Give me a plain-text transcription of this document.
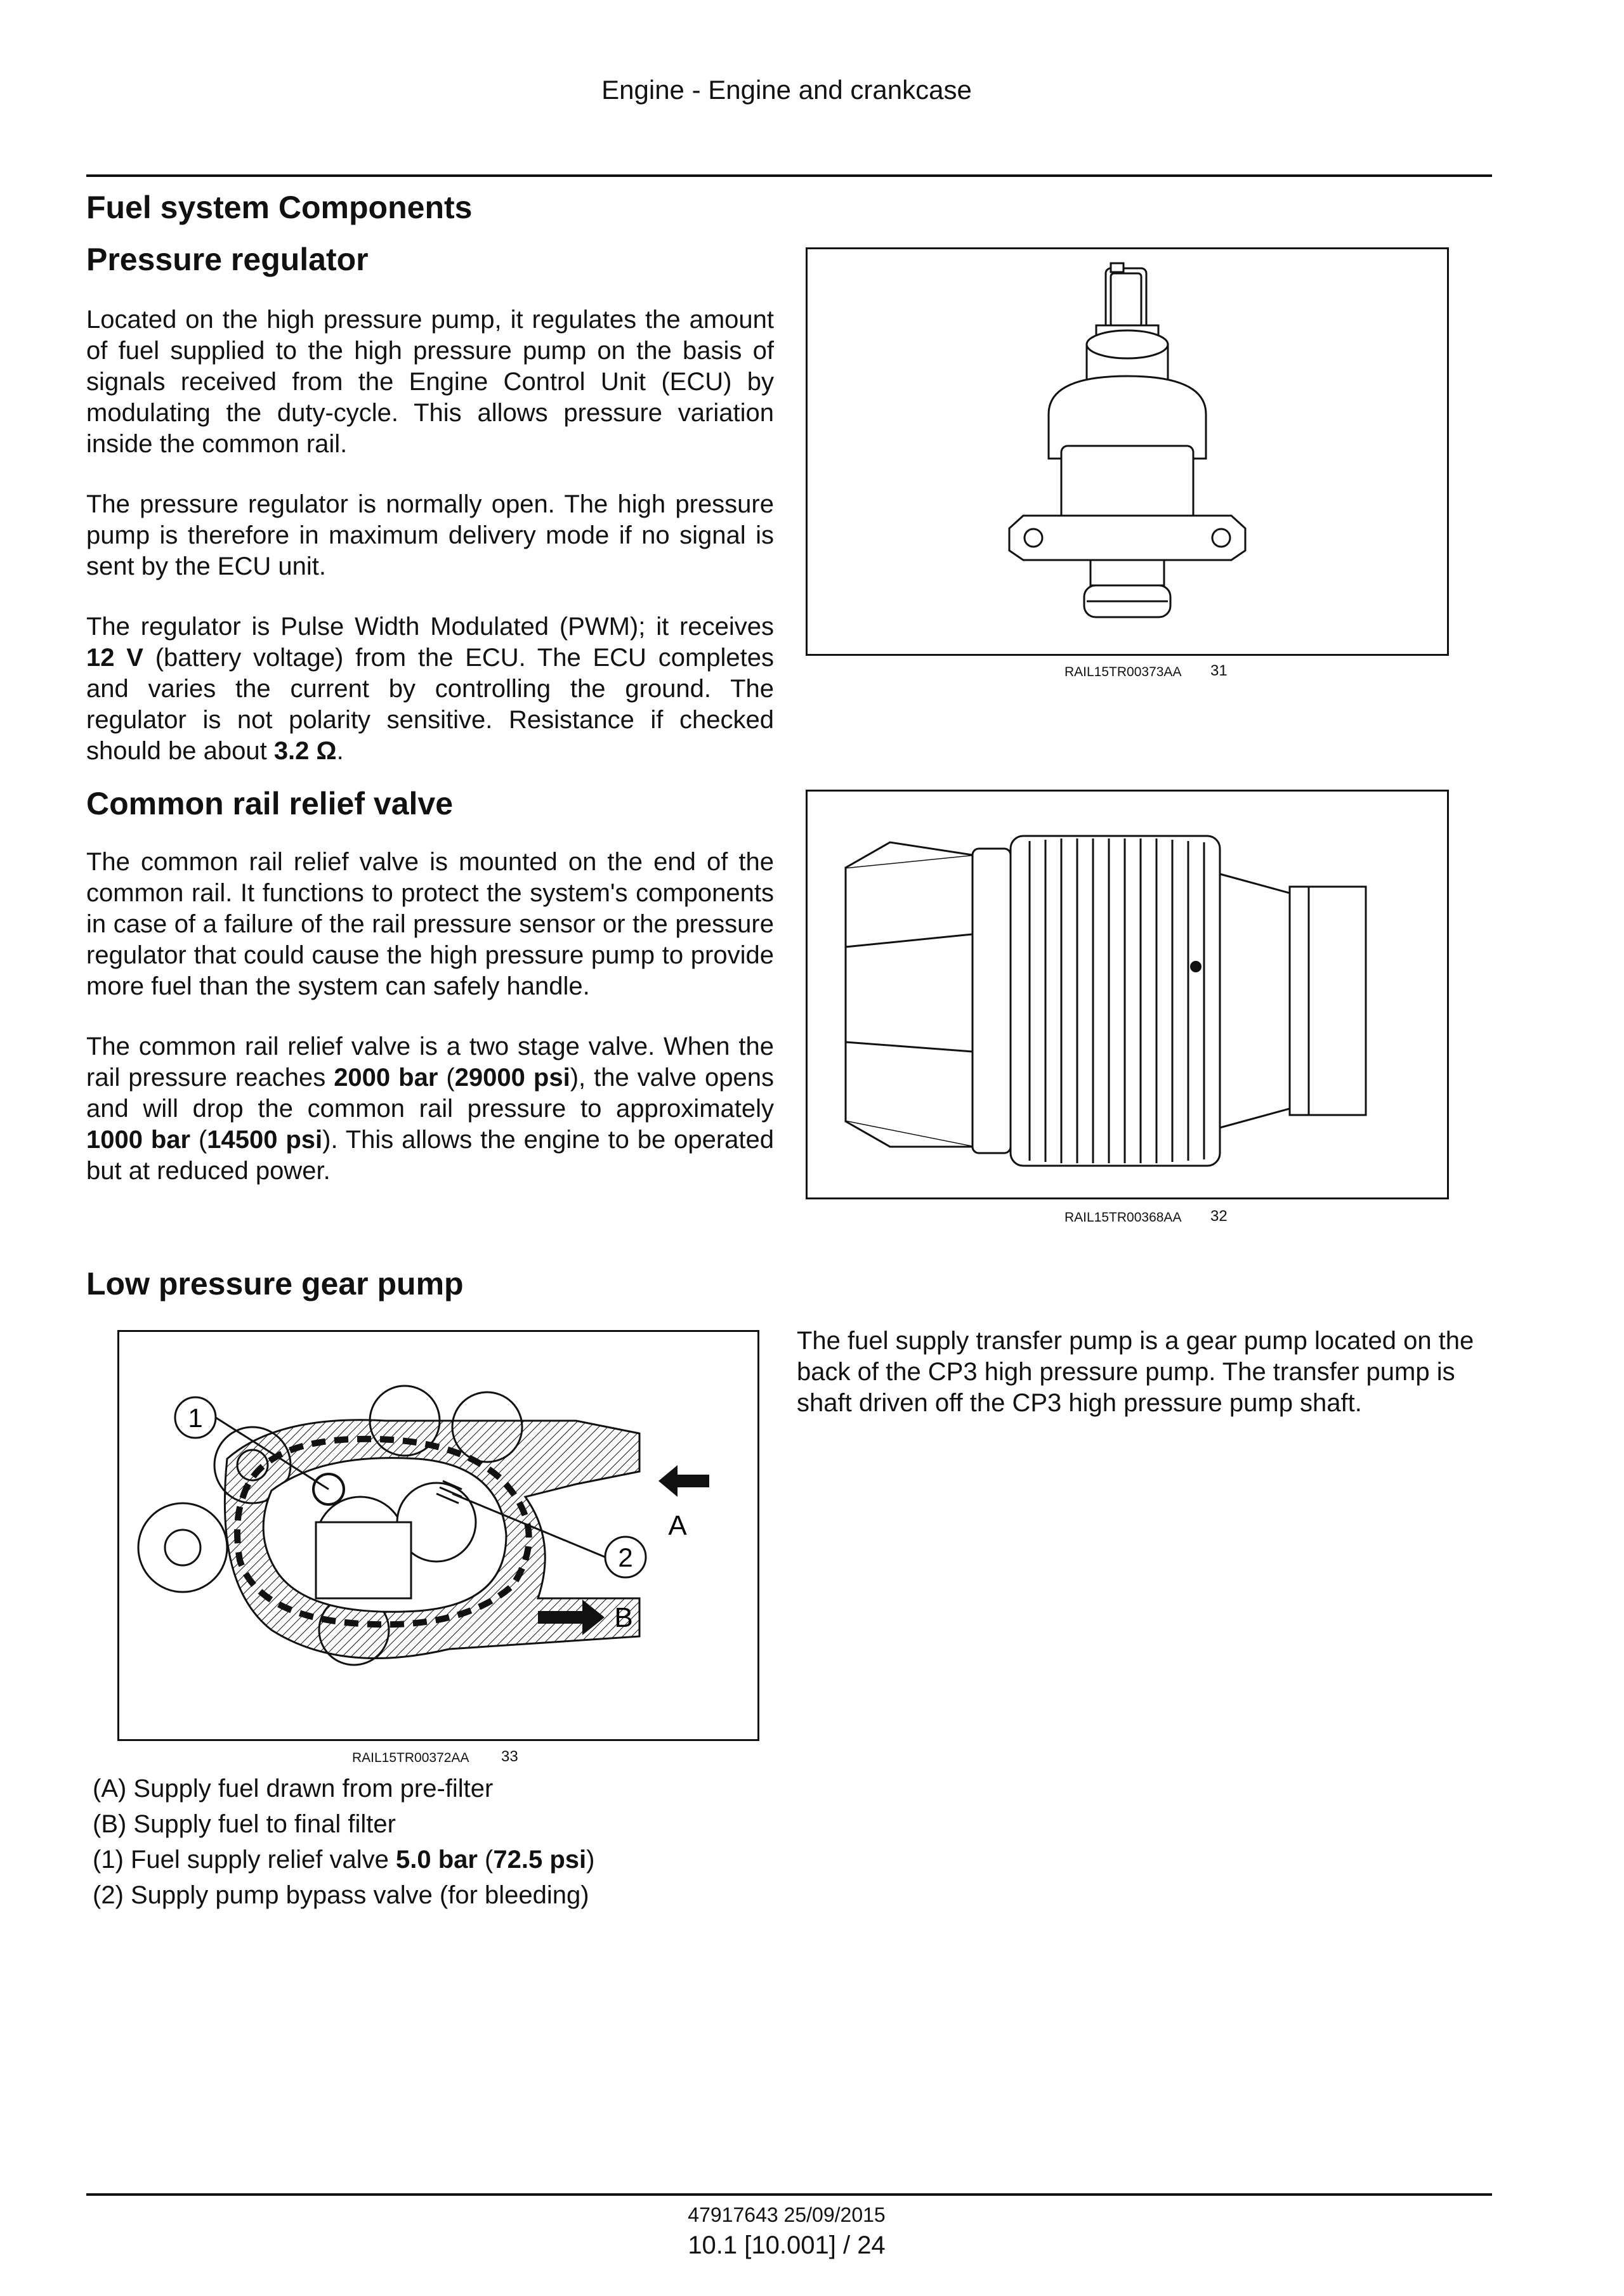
Engine - Engine and crankcase
Fuel system Components
Pressure regulator

Located on the high pressure pump, it regulates the amount of fuel supplied to the high pressure pump on the basis of signals received from the Engine Control Unit (ECU) by modulating the duty-cycle. This allows pressure variation inside the common rail.

The pressure regulator is normally open. The high pressure pump is therefore in maximum delivery mode if no signal is sent by the ECU unit.

The regulator is Pulse Width Modulated (PWM); it receives 12 V (battery voltage) from the ECU. The ECU completes and varies the current by controlling the ground. The regulator is not polarity sensitive. Resistance if checked should be about 3.2 Ω.

RAIL15TR00373AA 31
Common rail relief valve

The common rail relief valve is mounted on the end of the common rail. It functions to protect the system's components in case of a failure of the rail pressure sensor or the pressure regulator that could cause the high pressure pump to provide more fuel than the system can safely handle.

The common rail relief valve is a two stage valve. When the rail pressure reaches 2000 bar (29000 psi), the valve opens and will drop the common rail pressure to approximately 1000 bar (14500 psi). This allows the engine to be operated but at reduced power.

RAIL15TR00368AA 32
Low pressure gear pump
The fuel supply transfer pump is a gear pump located on the back of the CP3 high pressure pump. The transfer pump is shaft driven off the CP3 high pressure pump shaft.
1
2
A
B
RAIL15TR00372AA 33
(A) Supply fuel drawn from pre-filter
(B) Supply fuel to final filter
(1) Fuel supply relief valve 5.0 bar (72.5 psi)
(2) Supply pump bypass valve (for bleeding)
47917643 25/09/2015
10.1 [10.001] / 24
